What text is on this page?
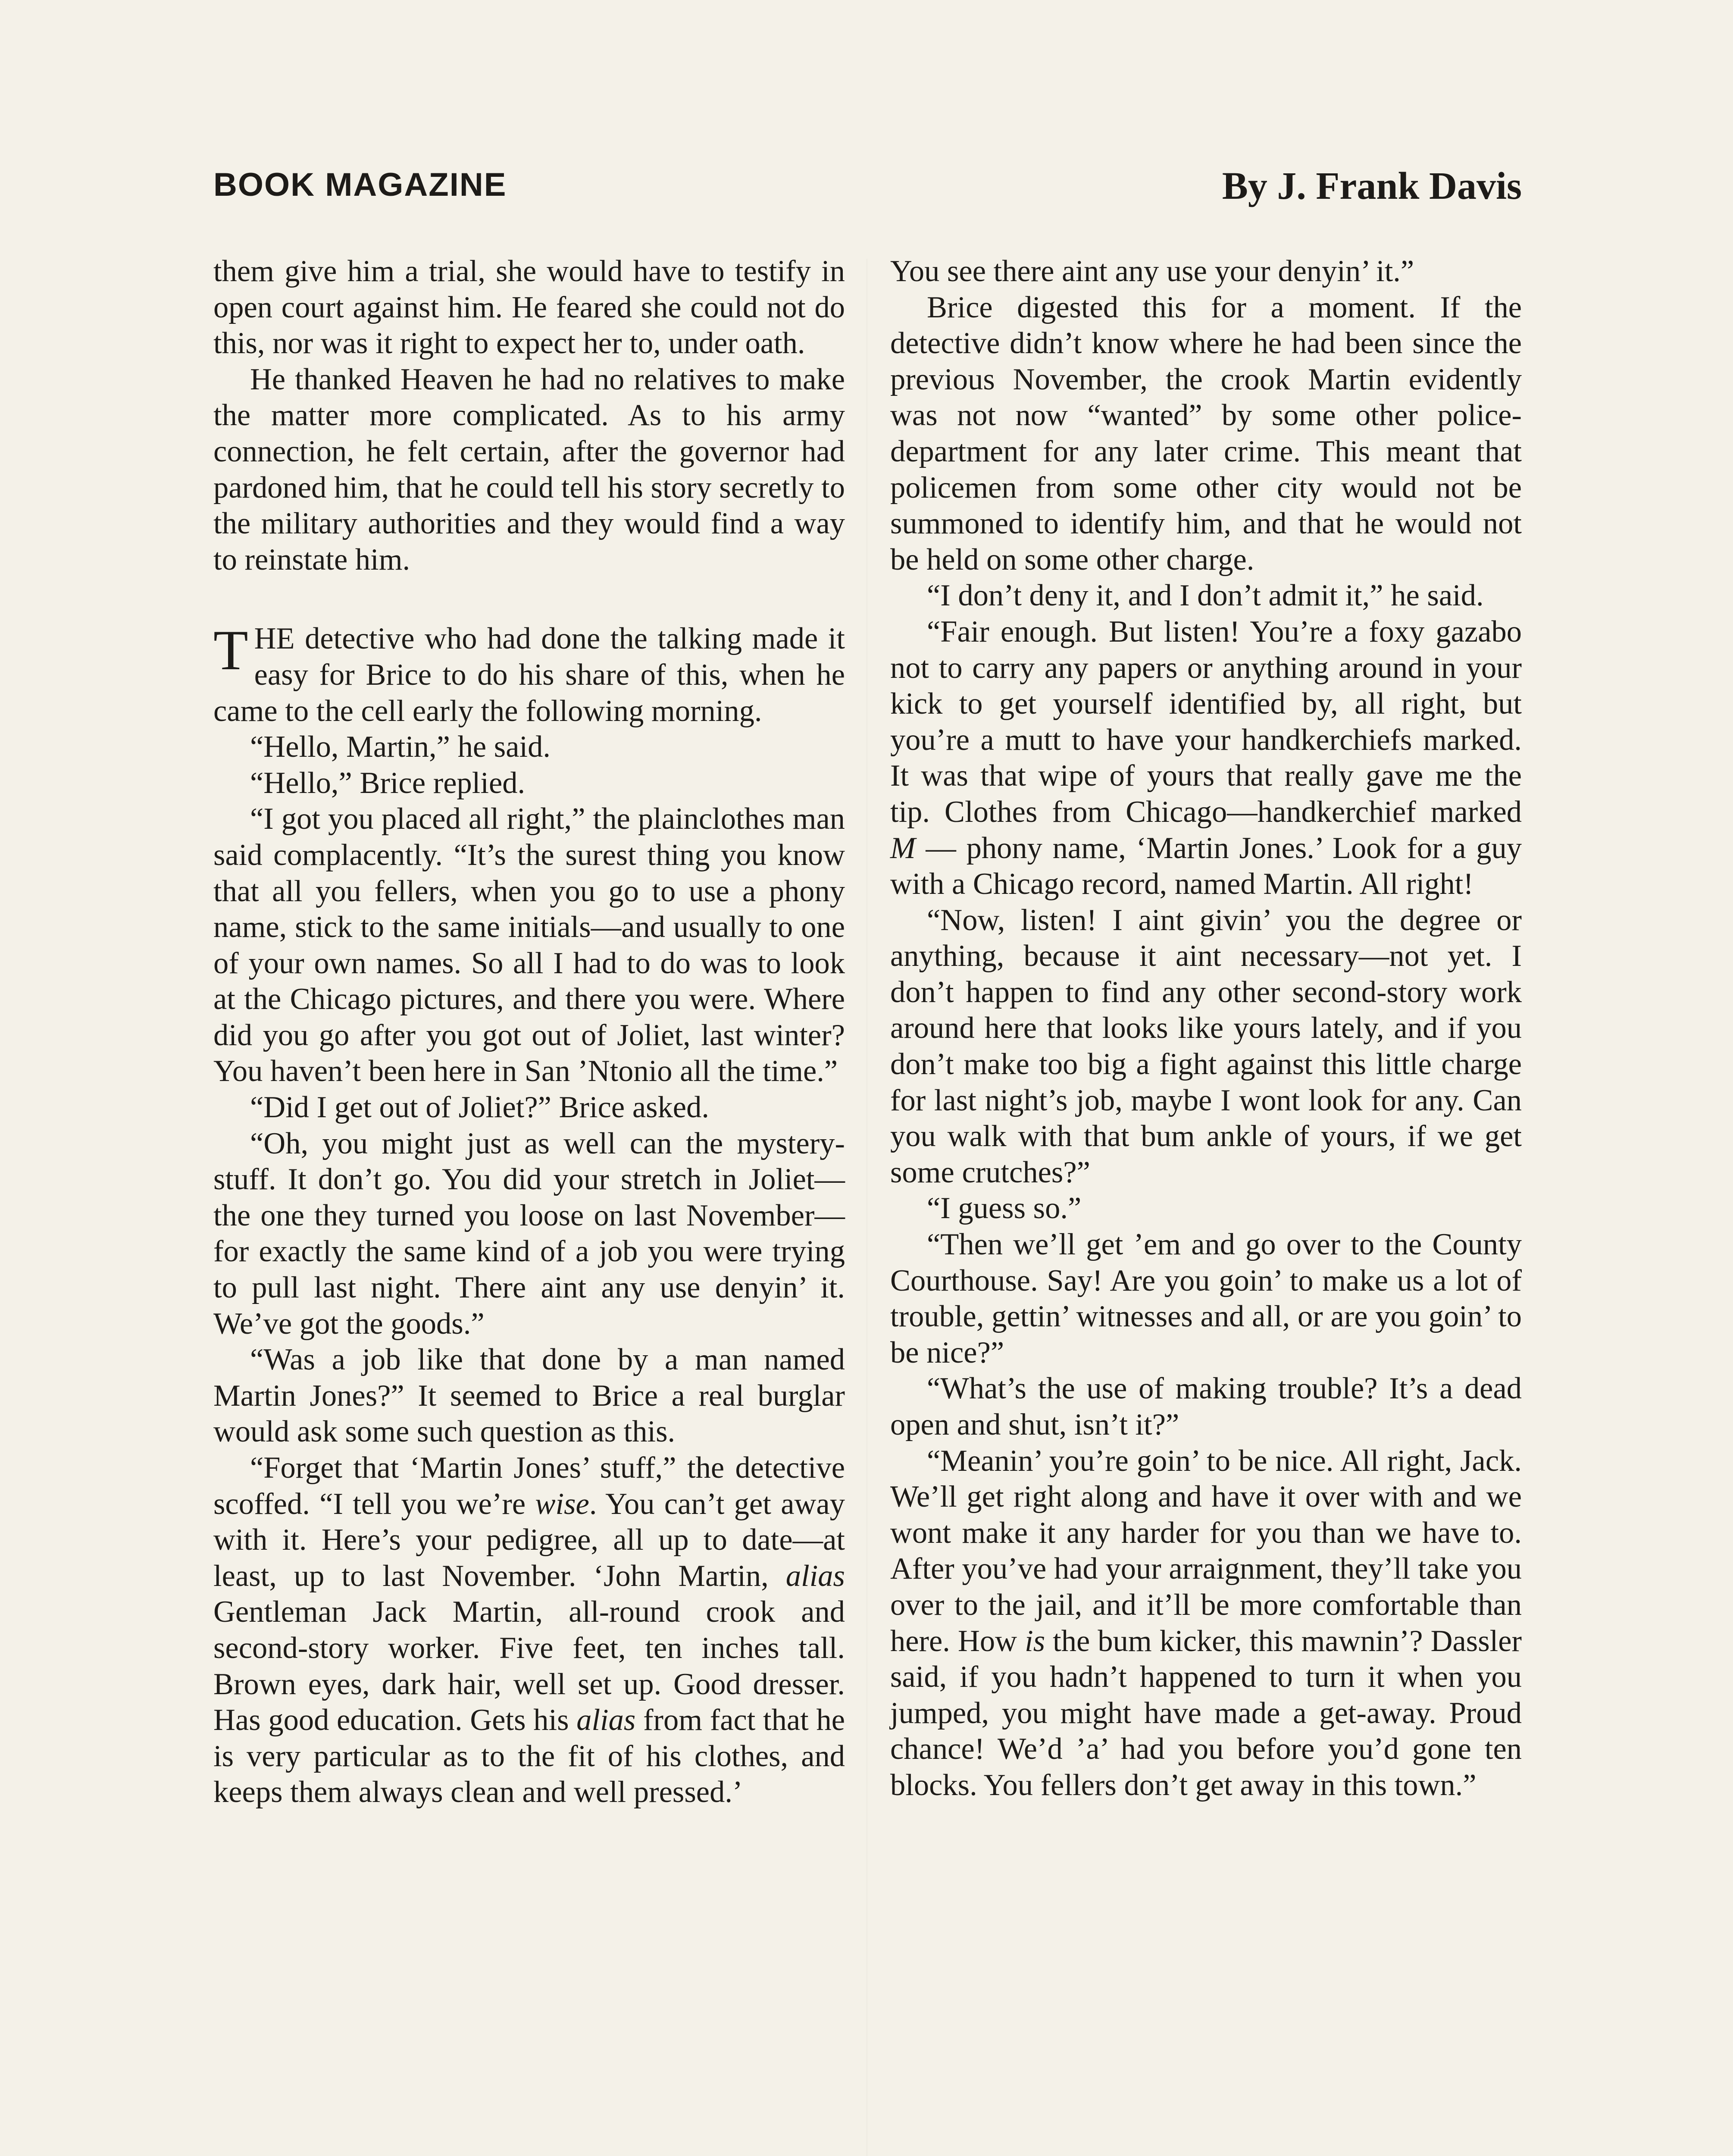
BOOK MAGAZINE	By J. Frank Davis

them give him a trial, she would have to testify in open court against him. He feared she could not do this, nor was it right to expect her to, under oath.

He thanked Heaven he had no relatives to make the matter more complicated. As to his army connection, he felt certain, after the governor had pardoned him, that he could tell his story secretly to the military authorities and they would find a way to reinstate him.

THE detective who had done the talking made it easy for Brice to do his share of this, when he came to the cell early the following morning.

“Hello, Martin,” he said.

“Hello,” Brice replied.

“I got you placed all right,” the plainclothes man said complacently. “It’s the surest thing you know that all you fellers, when you go to use a phony name, stick to the same initials—and usually to one of your own names. So all I had to do was to look at the Chicago pictures, and there you were. Where did you go after you got out of Joliet, last winter? You haven’t been here in San ’Ntonio all the time.”

“Did I get out of Joliet?” Brice asked.

“Oh, you might just as well can the mystery-stuff. It don’t go. You did your stretch in Joliet—the one they turned you loose on last November—for exactly the same kind of a job you were trying to pull last night. There aint any use denyin’ it. We’ve got the goods.”

“Was a job like that done by a man named Martin Jones?” It seemed to Brice a real burglar would ask some such question as this.

“Forget that ‘Martin Jones’ stuff,” the detective scoffed. “I tell you we’re wise. You can’t get away with it. Here’s your pedigree, all up to date—at least, up to last November. ‘John Martin, alias Gentleman Jack Martin, all-round crook and second-story worker. Five feet, ten inches tall. Brown eyes, dark hair, well set up. Good dresser. Has good education. Gets his alias from fact that he is very particular as to the fit of his clothes, and keeps them always clean and well pressed.’

You see there aint any use your denyin’ it.”

Brice digested this for a moment. If the detective didn’t know where he had been since the previous November, the crook Martin evidently was not now “wanted” by some other police-department for any later crime. This meant that policemen from some other city would not be summoned to identify him, and that he would not be held on some other charge.

“I don’t deny it, and I don’t admit it,” he said.

“Fair enough. But listen! You’re a foxy gazabo not to carry any papers or anything around in your kick to get yourself identified by, all right, but you’re a mutt to have your handkerchiefs marked. It was that wipe of yours that really gave me the tip. Clothes from Chicago—handkerchief marked M — phony name, ‘Martin Jones.’ Look for a guy with a Chicago record, named Martin. All right!

“Now, listen! I aint givin’ you the degree or anything, because it aint necessary—not yet. I don’t happen to find any other second-story work around here that looks like yours lately, and if you don’t make too big a fight against this little charge for last night’s job, maybe I wont look for any. Can you walk with that bum ankle of yours, if we get some crutches?”

“I guess so.”

“Then we’ll get ’em and go over to the County Courthouse. Say! Are you goin’ to make us a lot of trouble, gettin’ witnesses and all, or are you goin’ to be nice?”

“What’s the use of making trouble? It’s a dead open and shut, isn’t it?”

“Meanin’ you’re goin’ to be nice. All right, Jack. We’ll get right along and have it over with and we wont make it any harder for you than we have to. After you’ve had your arraignment, they’ll take you over to the jail, and it’ll be more comfortable than here. How is the bum kicker, this mawnin’? Dassler said, if you hadn’t happened to turn it when you jumped, you might have made a get-away. Proud chance! We’d ’a’ had you before you’d gone ten blocks. You fellers don’t get away in this town.”
